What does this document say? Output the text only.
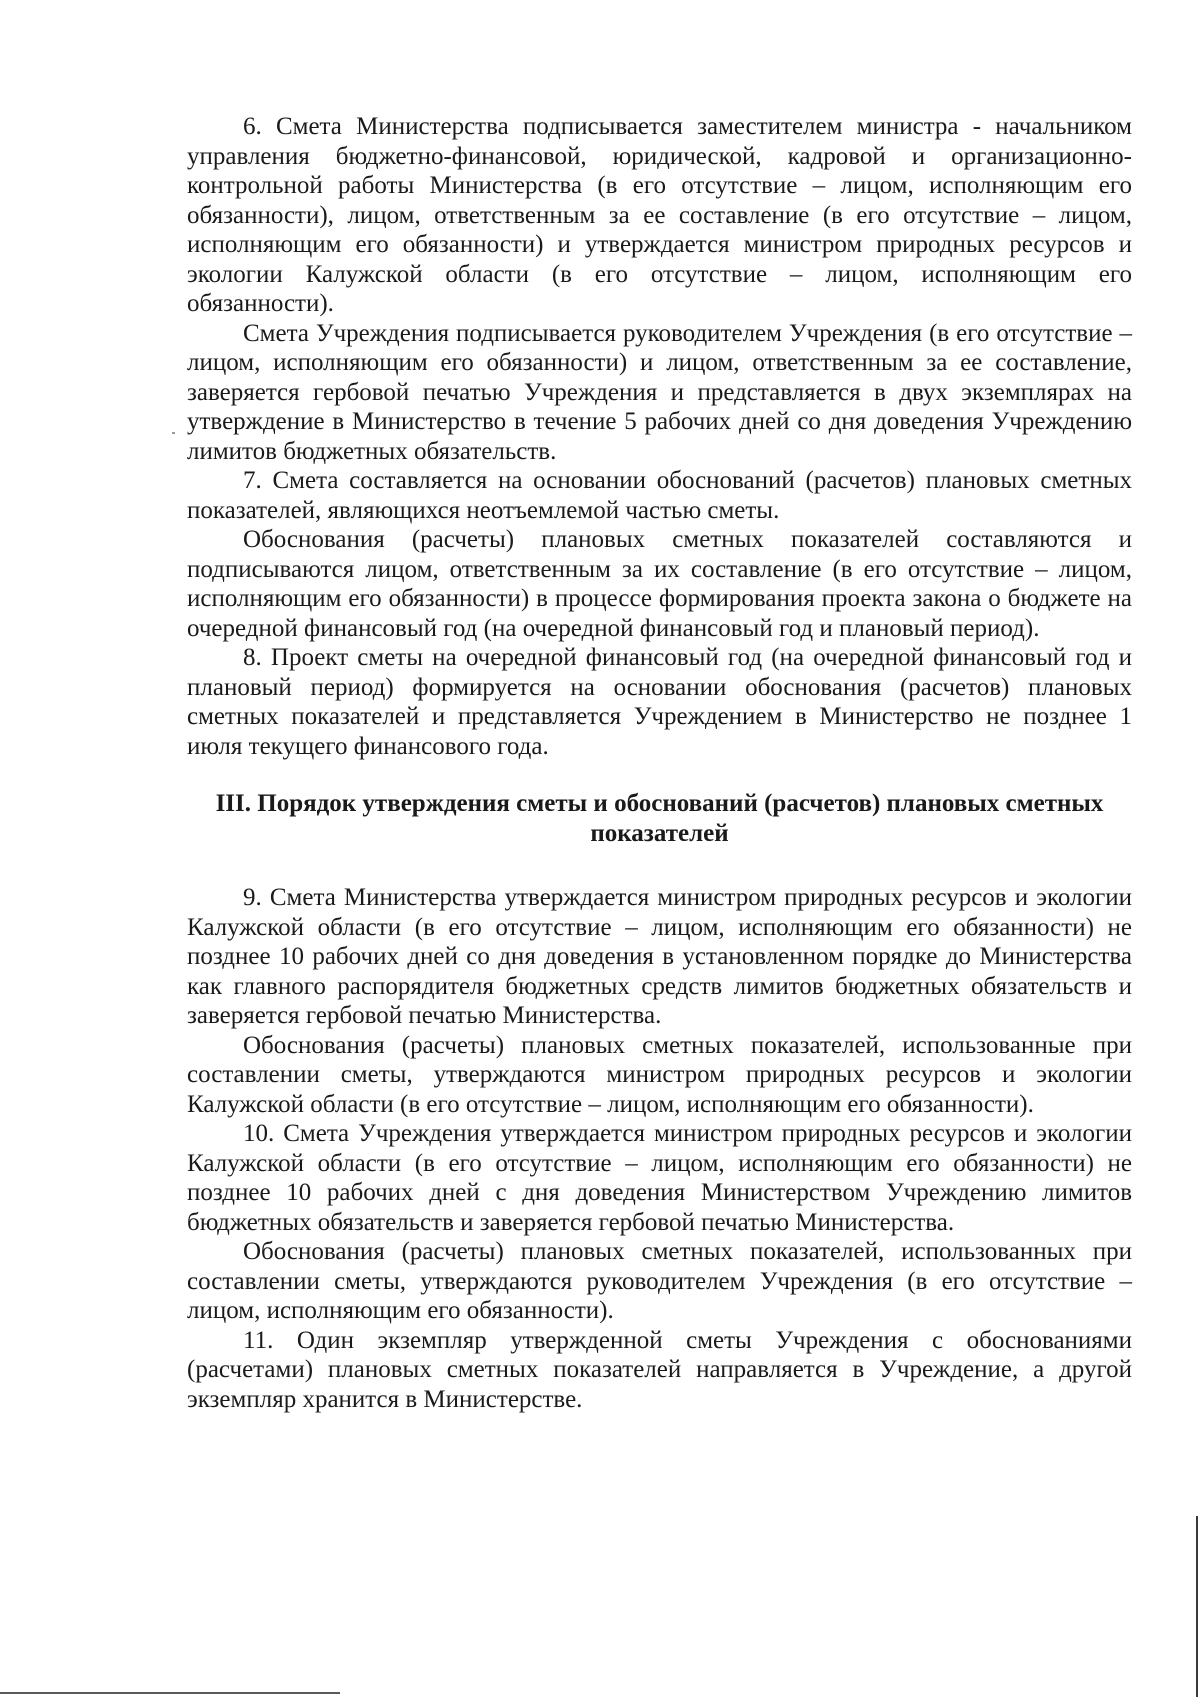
6. Смета Министерства подписывается заместителем министра - начальником управления бюджетно-финансовой, юридической, кадровой и организационно-контрольной работы Министерства (в его отсутствие – лицом, исполняющим его обязанности), лицом, ответственным за ее составление (в его отсутствие – лицом, исполняющим его обязанности) и утверждается министром природных ресурсов и экологии Калужской области (в его отсутствие – лицом, исполняющим его обязанности).

Смета Учреждения подписывается руководителем Учреждения (в его отсутствие – лицом, исполняющим его обязанности) и лицом, ответственным за ее составление, заверяется гербовой печатью Учреждения и представляется в двух экземплярах на утверждение в Министерство в течение 5 рабочих дней со дня доведения Учреждению лимитов бюджетных обязательств.

7. Смета составляется на основании обоснований (расчетов) плановых сметных показателей, являющихся неотъемлемой частью сметы.

Обоснования (расчеты) плановых сметных показателей составляются и подписываются лицом, ответственным за их составление (в его отсутствие – лицом, исполняющим его обязанности) в процессе формирования проекта закона о бюджете на очередной финансовый год (на очередной финансовый год и плановый период).

8. Проект сметы на очередной финансовый год (на очередной финансовый год и плановый период) формируется на основании обоснования (расчетов) плановых сметных показателей и представляется Учреждением в Министерство не позднее 1 июля текущего финансового года.

III. Порядок утверждения сметы и обоснований (расчетов) плановых сметных показателей

9. Смета Министерства утверждается министром природных ресурсов и экологии Калужской области (в его отсутствие – лицом, исполняющим его обязанности) не позднее 10 рабочих дней со дня доведения в установленном порядке до Министерства как главного распорядителя бюджетных средств лимитов бюджетных обязательств и заверяется гербовой печатью Министерства.

Обоснования (расчеты) плановых сметных показателей, использованные при составлении сметы, утверждаются министром природных ресурсов и экологии Калужской области (в его отсутствие – лицом, исполняющим его обязанности).

10. Смета Учреждения утверждается министром природных ресурсов и экологии Калужской области (в его отсутствие – лицом, исполняющим его обязанности) не позднее 10 рабочих дней с дня доведения Министерством Учреждению лимитов бюджетных обязательств и заверяется гербовой печатью Министерства.

Обоснования (расчеты) плановых сметных показателей, использованных при составлении сметы, утверждаются руководителем Учреждения (в его отсутствие – лицом, исполняющим его обязанности).

11. Один экземпляр утвержденной сметы Учреждения с обоснованиями (расчетами) плановых сметных показателей направляется в Учреждение, а другой экземпляр хранится в Министерстве.
